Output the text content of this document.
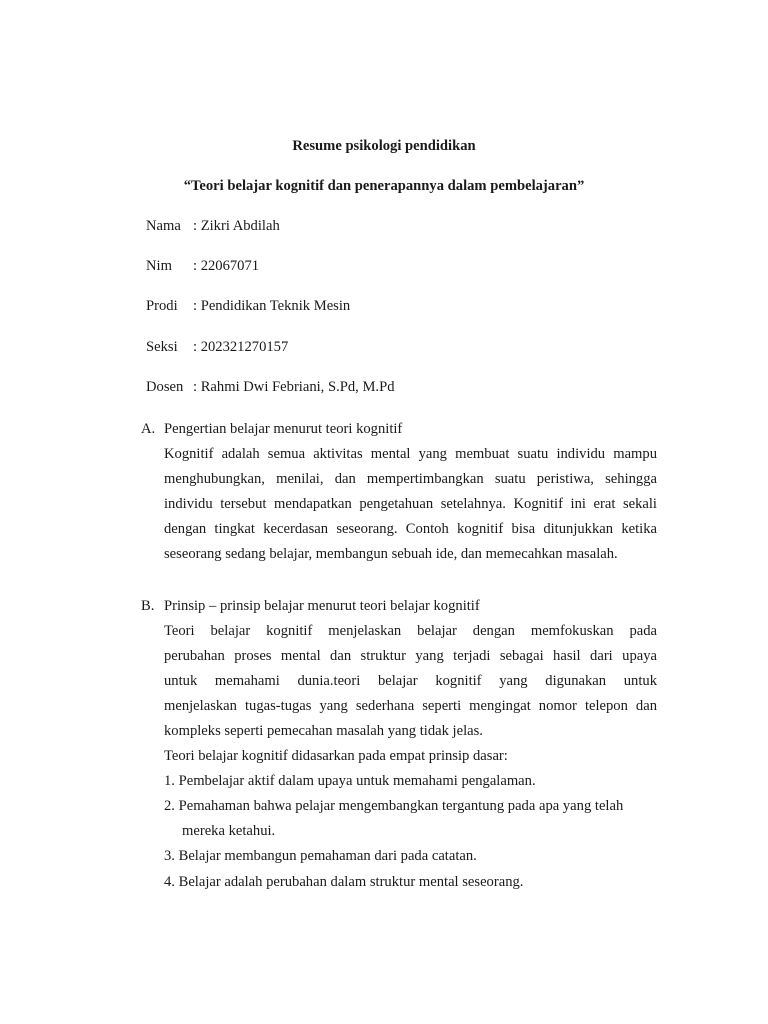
Resume psikologi pendidikan

“Teori belajar kognitif dan penerapannya dalam pembelajaran”

Nama : Zikri Abdilah
Nim : 22067071
Prodi : Pendidikan Teknik Mesin
Seksi : 202321270157
Dosen : Rahmi Dwi Febriani, S.Pd, M.Pd
A. Pengertian belajar menurut teori kognitif
Kognitif adalah semua aktivitas mental yang membuat suatu individu mampu
menghubungkan, menilai, dan mempertimbangkan suatu peristiwa, sehingga
individu tersebut mendapatkan pengetahuan setelahnya. Kognitif ini erat sekali
dengan tingkat kecerdasan seseorang. Contoh kognitif bisa ditunjukkan ketika
seseorang sedang belajar, membangun sebuah ide, dan memecahkan masalah.
B. Prinsip – prinsip belajar menurut teori belajar kognitif
Teori belajar kognitif menjelaskan belajar dengan memfokuskan pada
perubahan proses mental dan struktur yang terjadi sebagai hasil dari upaya
untuk memahami dunia.teori belajar kognitif yang digunakan untuk
menjelaskan tugas-tugas yang sederhana seperti mengingat nomor telepon dan
kompleks seperti pemecahan masalah yang tidak jelas.
Teori belajar kognitif didasarkan pada empat prinsip dasar:
1. Pembelajar aktif dalam upaya untuk memahami pengalaman.
2. Pemahaman bahwa pelajar mengembangkan tergantung pada apa yang telah
mereka ketahui.
3. Belajar membangun pemahaman dari pada catatan.
4. Belajar adalah perubahan dalam struktur mental seseorang.
